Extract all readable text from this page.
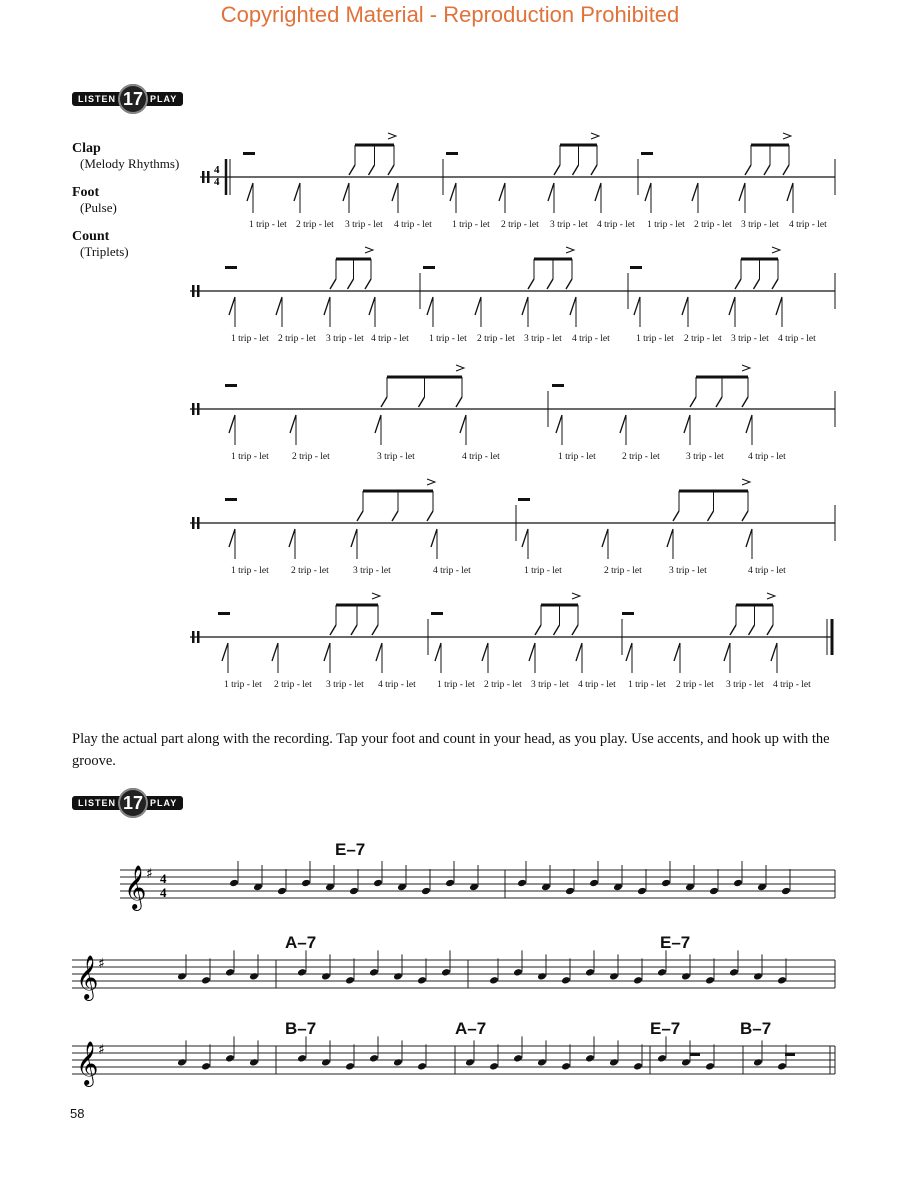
Copyrighted Material - Reproduction Prohibited
LISTEN 17 PLAY
Clap
(Melody Rhythms)
Foot
(Pulse)
Count
(Triplets)
4
4
1 trip - let 2 trip - let 3 trip - let 4 trip - let 1 trip - let 2 trip - let 3 trip - let 4 trip - let 1 trip - let 2 trip - let 3 trip - let 4 trip - let
1 trip - let 2 trip - let 3 trip - let 4 trip - let 1 trip - let 2 trip - let 3 trip - let 4 trip - let	1 trip - let 2 trip - let 3 trip - let 4 trip - let
1 trip - let 2 trip - let	3 trip - let	4 trip - let	1 trip - let	2 trip - let	3 trip - let	4 trip - let
1 trip - let 2 trip - let	3 trip - let	4 trip - let	1 trip - let	2 trip - let	3 trip - let	4 trip - let
1 trip - let 2 trip - let 3 trip - let 4 trip - let 1 trip - let 2 trip - let 3 trip - let 4 trip - let 1 trip - let 2 trip - let 3 trip - let 4 trip - let
Play the actual part along with the recording. Tap your foot and count in your head, as you play. Use accents, and hook up with the groove.
LISTEN 17 PLAY
E–7
A–7	E–7
B–7	A–7	E–7	B–7
𝄞 ♯ 4
4
𝄞 ♯
𝄞 ♯
58
